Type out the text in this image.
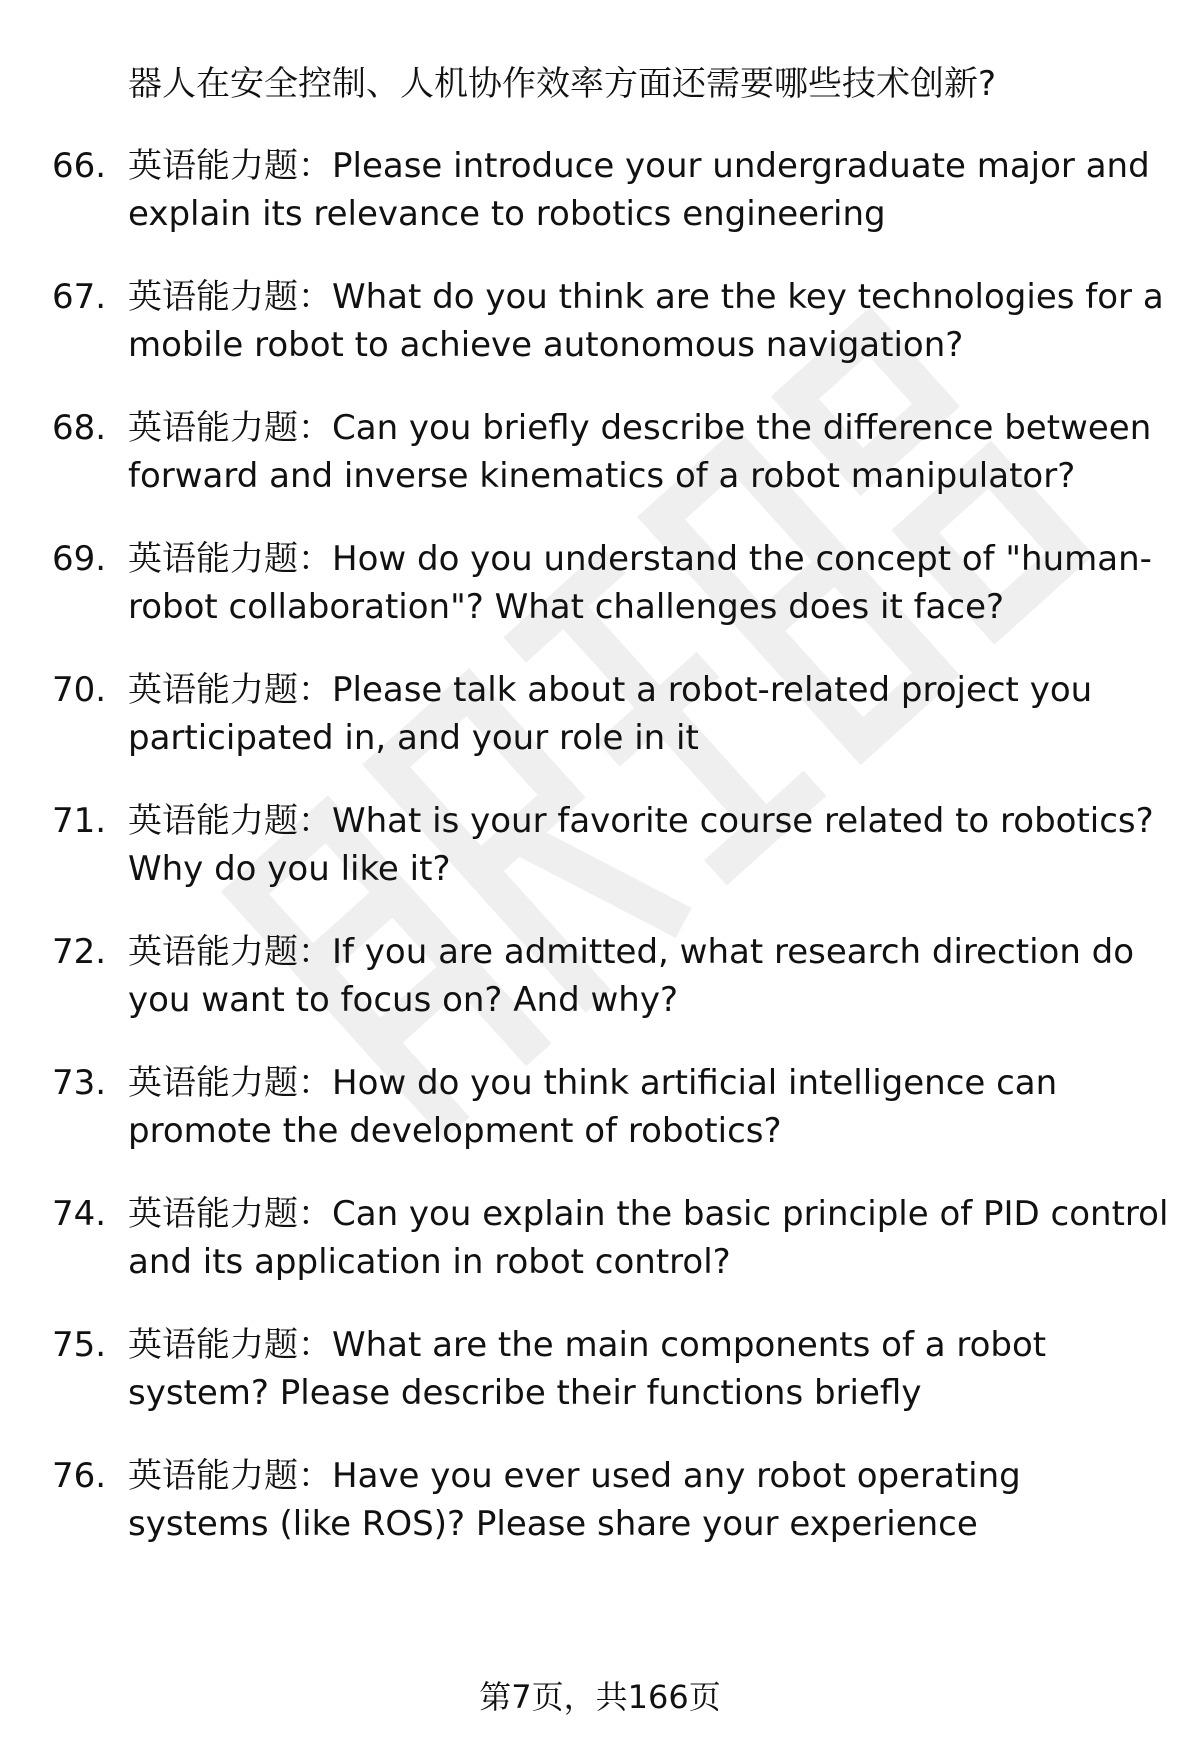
器人在安全控制、人机协作效率方面还需要哪些技术创新?
66. 英语能力题：Please introduce your undergraduate major and explain its relevance to robotics engineering
67. 英语能力题：What do you think are the key technologies for a mobile robot to achieve autonomous navigation?
68. 英语能力题：Can you briefly describe the difference between forward and inverse kinematics of a robot manipulator?
69. 英语能力题：How do you understand the concept of "human-robot collaboration"? What challenges does it face?
70. 英语能力题：Please talk about a robot-related project you participated in, and your role in it
71. 英语能力题：What is your favorite course related to robotics? Why do you like it?
72. 英语能力题：If you are admitted, what research direction do you want to focus on? And why?
73. 英语能力题：How do you think artificial intelligence can promote the development of robotics?
74. 英语能力题：Can you explain the basic principle of PID control and its application in robot control?
75. 英语能力题：What are the main components of a robot system? Please describe their functions briefly
76. 英语能力题：Have you ever used any robot operating systems (like ROS)? Please share your experience
第7页，共166页
